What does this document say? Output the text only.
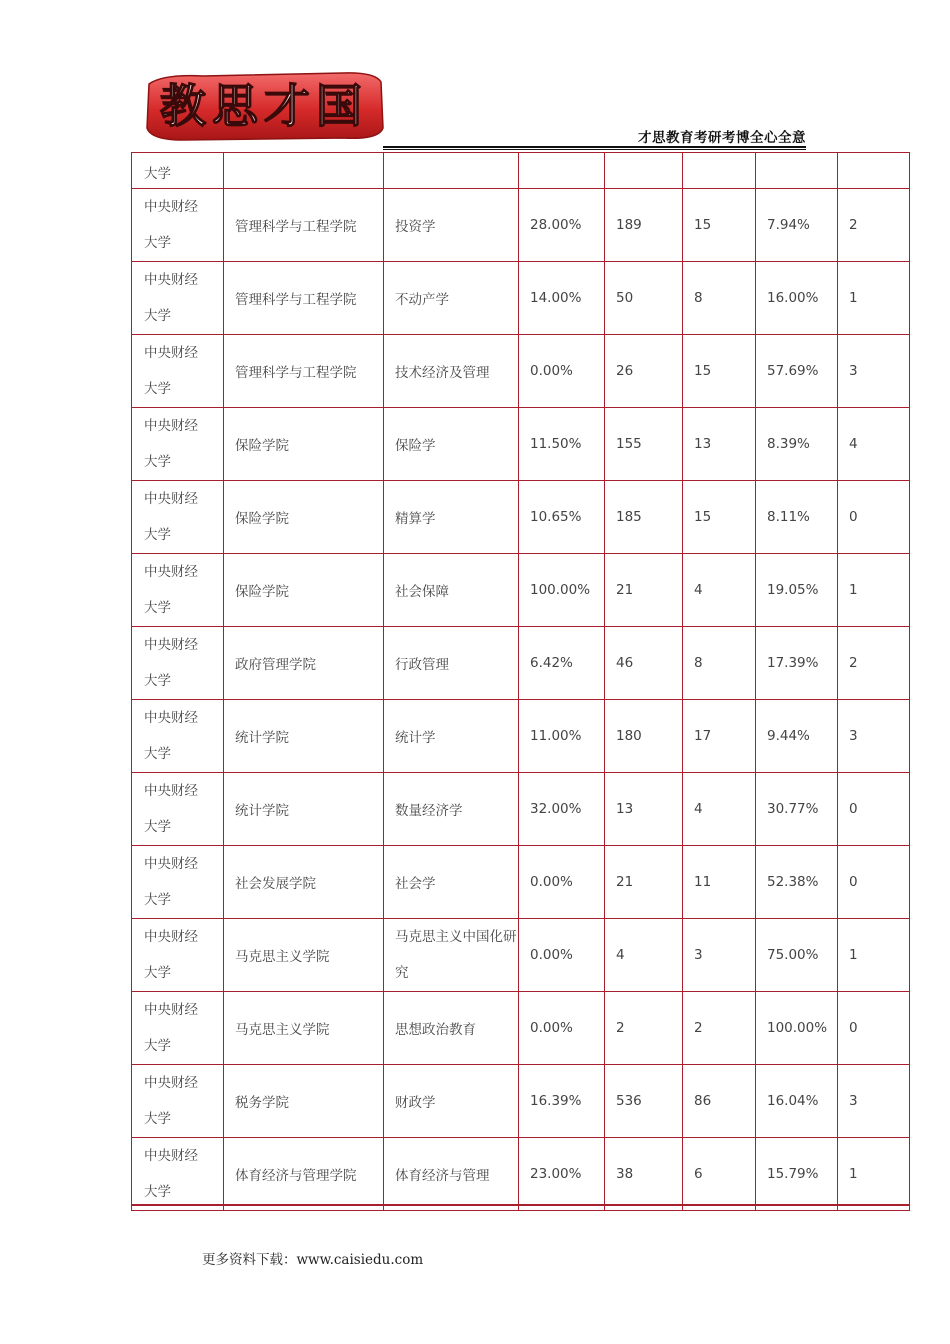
教思才国
才思教育考研考博全心全意
大学							

中央财经
大学	管理科学与工程学院	投资学	28.00%	189	15	7.94%	2

中央财经
大学	管理科学与工程学院	不动产学	14.00%	50	8	16.00%	1

中央财经
大学	管理科学与工程学院	技术经济及管理	0.00%	26	15	57.69%	3

中央财经
大学	保险学院	保险学	11.50%	155	13	8.39%	4

中央财经
大学	保险学院	精算学	10.65%	185	15	8.11%	0

中央财经
大学	保险学院	社会保障	100.00%	21	4	19.05%	1

中央财经
大学	政府管理学院	行政管理	6.42%	46	8	17.39%	2

中央财经
大学	统计学院	统计学	11.00%	180	17	9.44%	3

中央财经
大学	统计学院	数量经济学	32.00%	13	4	30.77%	0

中央财经
大学	社会发展学院	社会学	0.00%	21	11	52.38%	0

中央财经
大学	马克思主义学院	马克思主义中国化研究	0.00%	4	3	75.00%	1

中央财经
大学	马克思主义学院	思想政治教育	0.00%	2	2	100.00%	0

中央财经
大学	税务学院	财政学	16.39%	536	86	16.04%	3

中央财经
大学	体育经济与管理学院	体育经济与管理	23.00%	38	6	15.79%	1
更多资料下载：www.caisiedu.com
